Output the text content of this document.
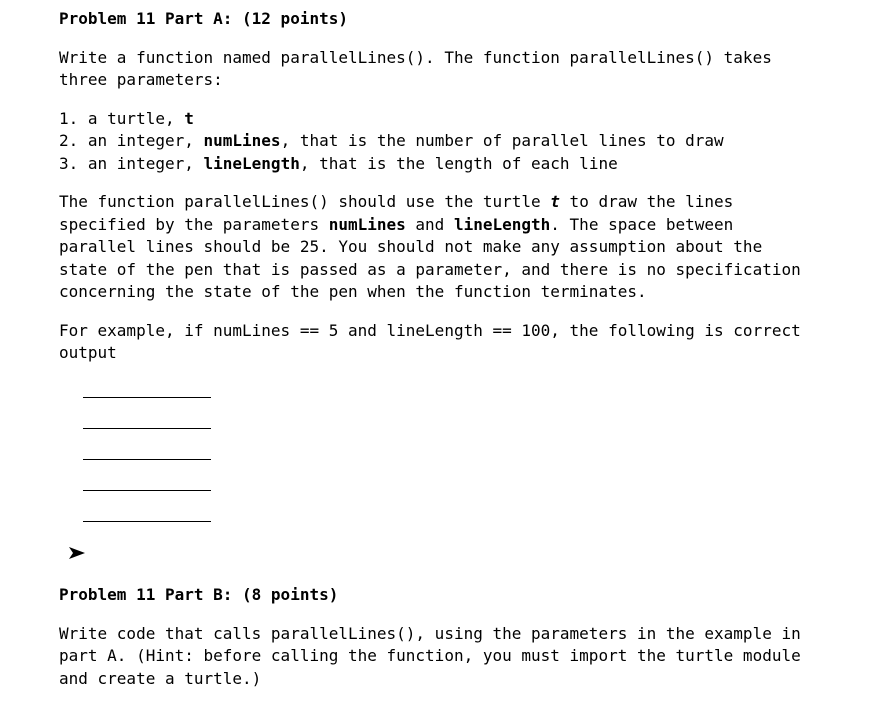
Problem 11 Part A: (12 points)

Write a function named parallelLines(). The function parallelLines() takes

three parameters:

1. a turtle, t

2. an integer, numLines, that is the number of parallel lines to draw

3. an integer, lineLength, that is the length of each line

The function parallelLines() should use the turtle t to draw the lines

specified by the parameters numLines and lineLength. The space between

parallel lines should be 25. You should not make any assumption about the

state of the pen that is passed as a parameter, and there is no specification

concerning the state of the pen when the function terminates.

For example, if numLines == 5 and lineLength == 100, the following is correct

output

Problem 11 Part B: (8 points)

Write code that calls parallelLines(), using the parameters in the example in

part A. (Hint: before calling the function, you must import the turtle module

and create a turtle.)
